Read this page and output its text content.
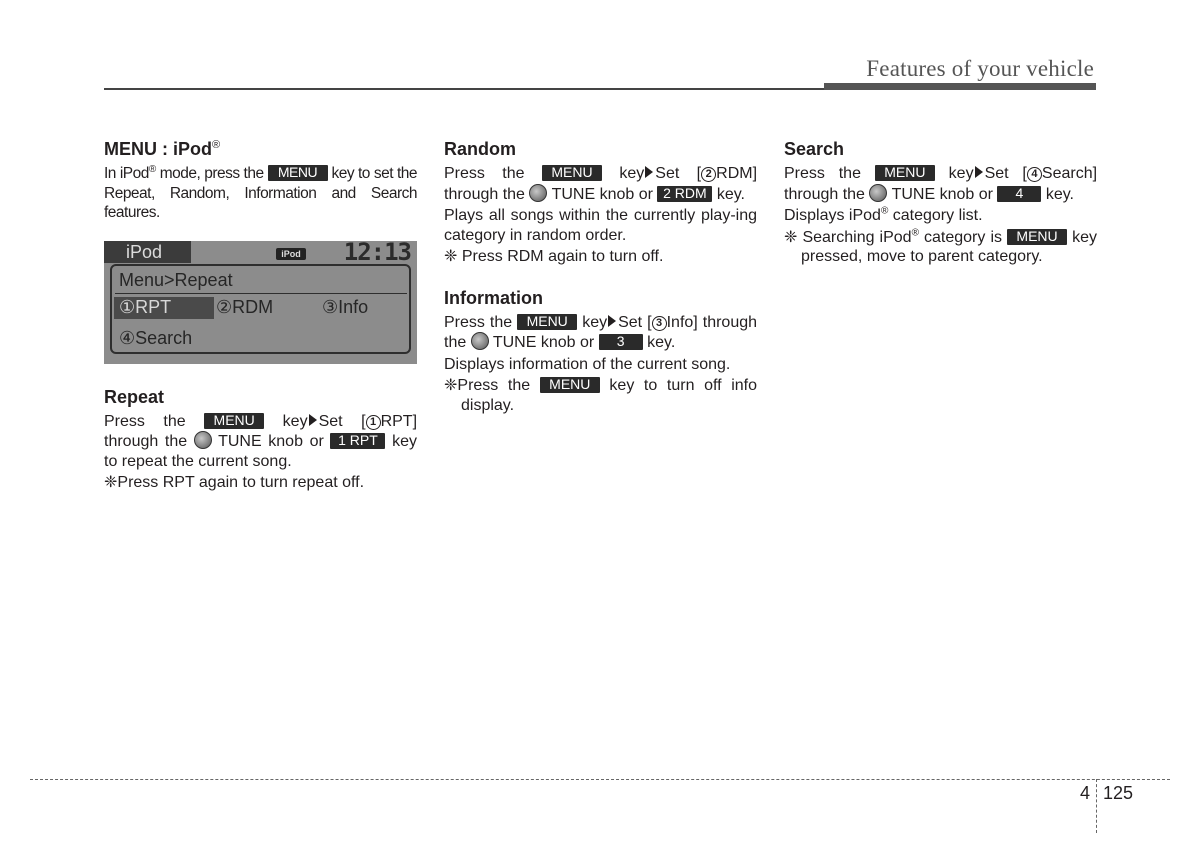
Features of your vehicle
MENU : iPod®

In iPod® mode, press the MENU key to set the Repeat, Random, Information and Search features.

iPod	iPod 12:13
Menu>Repeat
①RPT	②RDM	③Info
④Search
Repeat

Press the MENU key Set [ 1 RPT] through the  TUNE knob or 1 RPT key to repeat the current song.

❈Press RPT again to turn repeat off.

Random

Press the MENU key Set [ 2 RDM] through the  TUNE knob or 2 RDM key.

Plays all songs within the currently play-ing category in random order.

❈ Press RDM again to turn off.

Information

Press the MENU key Set [ 3 Info] through the  TUNE knob or 3 key.

Displays information of the current song.

❈Press the MENU key to turn off info display.

Search

Press the MENU key Set [ 4 Search] through the  TUNE knob or 4 key.

Displays iPod® category list.

❈ Searching iPod® category is MENU key pressed, move to parent category.

4 125
